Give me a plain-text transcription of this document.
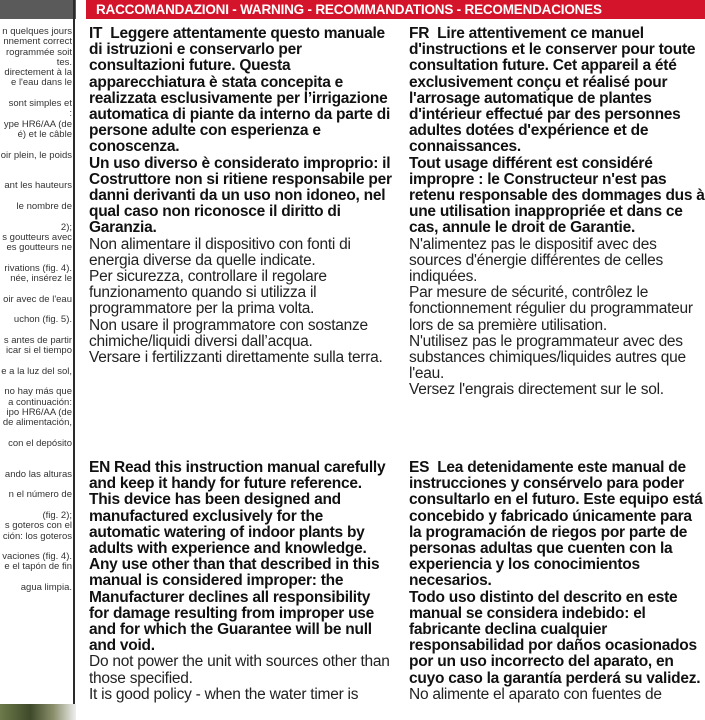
n quelques jours
nnement correct
rogrammée soit
tes.
directement à la
e l'eau dans le
sont simples et
:
ype HR6/AA (de
é) et le câble
oir plein, le poids
ant les hauteurs
le nombre de
2);
s goutteurs avec
es goutteurs ne
rivations (fig. 4).
née, insérez le
oir avec de l'eau
uchon (fig. 5).
s antes de partir
icar si el tiempo
e a la luz del sol,
no hay más que
a continuación:
ipo HR6/AA (de
de alimentación,
con el depósito
ando las alturas
n el número de
(fig. 2);
s goteros con el
ción: los goteros
vaciones (fig. 4).
e el tapón de fin
agua limpia.
RACCOMANDAZIONI - WARNING - RECOMMANDATIONS - RECOMENDACIONES

IT Leggere attentamente questo manuale di istruzioni e conservarlo per consultazioni future. Questa apparecchiatura è stata concepita e realizzata esclusivamente per l’irrigazione automatica di piante da interno da parte di persone adulte con esperienza e conoscenza.

Un uso diverso è considerato improprio: il Costruttore non si ritiene responsabile per danni derivanti da un uso non idoneo, nel qual caso non riconosce il diritto di Garanzia.

Non alimentare il dispositivo con fonti di energia diverse da quelle indicate.

Per sicurezza, controllare il regolare funzionamento quando si utilizza il programmatore per la prima volta.

Non usare il programmatore con sostanze chimiche/liquidi diversi dall’acqua.

Versare i fertilizzanti direttamente sulla terra.

FR Lire attentivement ce manuel d'instructions et le conserver pour toute consultation future. Cet appareil a été exclusivement conçu et réalisé pour l'arrosage automatique de plantes d'intérieur effectué par des personnes adultes dotées d'expérience et de connaissances.

Tout usage différent est considéré impropre : le Constructeur n'est pas retenu responsable des dommages dus à une utilisation inappropriée et dans ce cas, annule le droit de Garantie.

N'alimentez pas le dispositif avec des sources d'énergie différentes de celles indiquées.

Par mesure de sécurité, contrôlez le fonctionnement régulier du programmateur lors de sa première utilisation.

N'utilisez pas le programmateur avec des substances chimiques/liquides autres que l'eau.

Versez l'engrais directement sur le sol.

EN Read this instruction manual carefully and keep it handy for future reference. This device has been designed and manufactured exclusively for the automatic watering of indoor plants by adults with experience and knowledge.

Any use other than that described in this manual is considered improper: the Manufacturer declines all responsibility for damage resulting from improper use and for which the Guarantee will be null and void.

Do not power the unit with sources other than those specified.

It is good policy - when the water timer is

ES Lea detenidamente este manual de instrucciones y consérvelo para poder consultarlo en el futuro. Este equipo está concebido y fabricado únicamente para la programación de riegos por parte de personas adultas que cuenten con la experiencia y los conocimientos necesarios.

Todo uso distinto del descrito en este manual se considera indebido: el fabricante declina cualquier responsabilidad por daños ocasionados por un uso incorrecto del aparato, en cuyo caso la garantía perderá su validez.

No alimente el aparato con fuentes de
